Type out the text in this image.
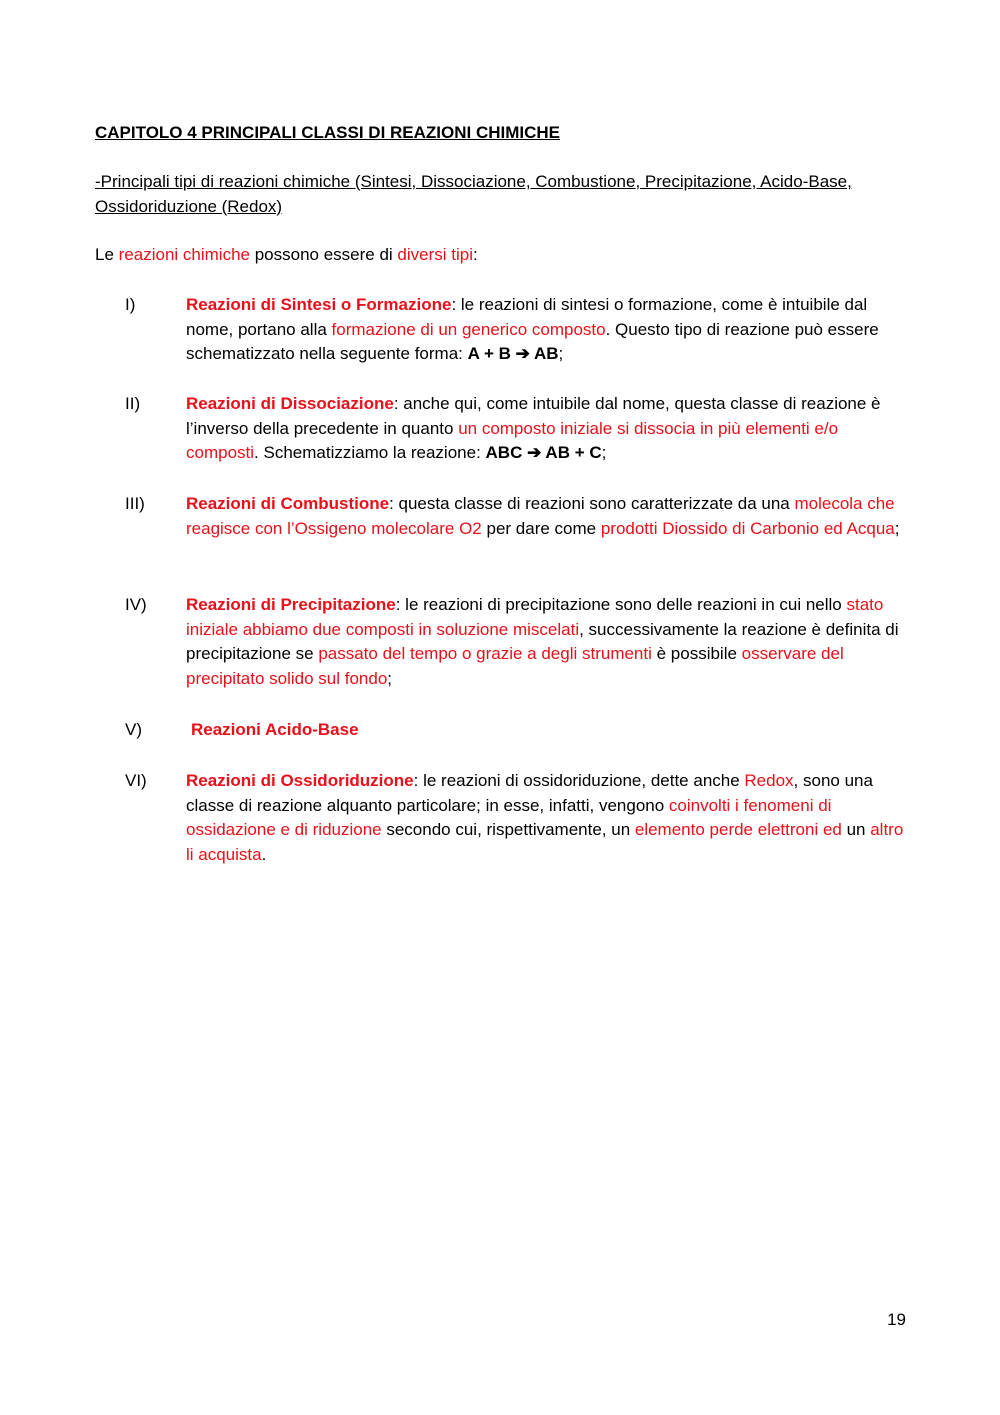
CAPITOLO 4 PRINCIPALI CLASSI DI REAZIONI CHIMICHE
-Principali tipi di reazioni chimiche (Sintesi, Dissociazione, Combustione, Precipitazione, Acido-Base, Ossidoriduzione (Redox)
Le reazioni chimiche possono essere di diversi tipi:
I)	Reazioni di Sintesi o Formazione: le reazioni di sintesi o formazione, come è intuibile dal nome, portano alla formazione di un generico composto. Questo tipo di reazione può essere schematizzato nella seguente forma: A + B ➔ AB;
II)	Reazioni di Dissociazione: anche qui, come intuibile dal nome, questa classe di reazione è l’inverso della precedente in quanto un composto iniziale si dissocia in più elementi e/o composti. Schematizziamo la reazione: ABC ➔ AB + C;
III)	Reazioni di Combustione: questa classe di reazioni sono caratterizzate da una molecola che reagisce con l’Ossigeno molecolare O2 per dare come prodotti Diossido di Carbonio ed Acqua;
IV)	Reazioni di Precipitazione: le reazioni di precipitazione sono delle reazioni in cui nello stato iniziale abbiamo due composti in soluzione miscelati, successivamente la reazione è definita di precipitazione se passato del tempo o grazie a degli strumenti è possibile osservare del precipitato solido sul fondo;
V)	Reazioni Acido-Base
VI)	Reazioni di Ossidoriduzione: le reazioni di ossidoriduzione, dette anche Redox, sono una classe di reazione alquanto particolare; in esse, infatti, vengono coinvolti i fenomeni di ossidazione e di riduzione secondo cui, rispettivamente, un elemento perde elettroni ed un altro li acquista.
19
